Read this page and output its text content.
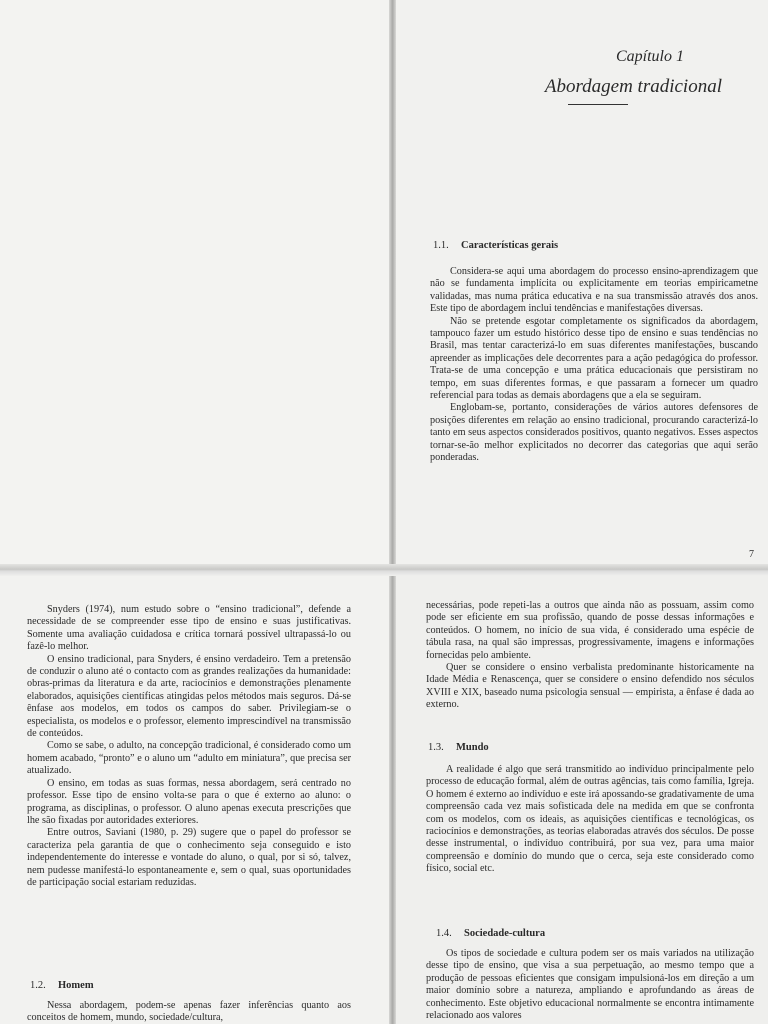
Capítulo 1
Abordagem tradicional
1.1. Características gerais

Considera-se aqui uma abordagem do processo ensino-aprendizagem que não se fundamenta implícita ou explicitamente em teorias empiricametne validadas, mas numa prática educativa e na sua transmissão através dos anos. Este tipo de abordagem inclui tendências e manifestações diversas.

Não se pretende esgotar completamente os significados da abordagem, tampouco fazer um estudo histórico desse tipo de ensino e suas tendências no Brasil, mas tentar caracterizá-lo em suas diferentes manifestações, buscando apreender as implicações dele decorrentes para a ação pedagógica do professor. Trata-se de uma concepção e uma prática educacionais que persistiram no tempo, em suas diferentes formas, e que passaram a fornecer um quadro referencial para todas as demais abordagens que a ela se seguiram.

Englobam-se, portanto, considerações de vários autores defensores de posições diferentes em relação ao ensino tradicional, procurando caracterizá-lo tanto em seus aspectos considerados positivos, quanto negativos. Esses aspectos tornar-se-ão melhor explicitados no decorrer das categorias que aqui serão ponderadas.

7

Snyders (1974), num estudo sobre o “ensino tradicional”, defende a necessidade de se compreender esse tipo de ensino e suas justificativas. Somente uma avaliação cuidadosa e crítica tornará possível ultrapassá-lo ou fazê-lo melhor.

O ensino tradicional, para Snyders, é ensino verdadeiro. Tem a pretensão de conduzir o aluno até o contacto com as grandes realizações da humanidade: obras-primas da literatura e da arte, raciocínios e demonstrações plenamente elaborados, aquisições científicas atingidas pelos métodos mais seguros. Dá-se ênfase aos modelos, em todos os campos do saber. Privilegiam-se o especialista, os modelos e o professor, elemento imprescindível na transmissão de conteúdos.

Como se sabe, o adulto, na concepção tradicional, é considerado como um homem acabado, “pronto” e o aluno um “adulto em miniatura”, que precisa ser atualizado.

O ensino, em todas as suas formas, nessa abordagem, será centrado no professor. Esse tipo de ensino volta-se para o que é externo ao aluno: o programa, as disciplinas, o professor. O aluno apenas executa prescrições que lhe são fixadas por autoridades exteriores.

Entre outros, Saviani (1980, p. 29) sugere que o papel do professor se caracteriza pela garantia de que o conhecimento seja conseguido e isto independentemente do interesse e vontade do aluno, o qual, por si só, talvez, nem pudesse manifestá-lo espontaneamente e, sem o qual, suas oportunidades de participação social estariam reduzidas.

1.2. Homem

Nessa abordagem, podem-se apenas fazer inferências quanto aos conceitos de homem, mundo, sociedade/cultura,

necessárias, pode repeti-las a outros que ainda não as possuam, assim como pode ser eficiente em sua profissão, quando de posse dessas informações e conteúdos. O homem, no início de sua vida, é considerado uma espécie de tábula rasa, na qual são impressas, progressivamente, imagens e informações fornecidas pelo ambiente.

Quer se considere o ensino verbalista predominante historicamente na Idade Média e Renascença, quer se considere o ensino defendido nos séculos XVIII e XIX, baseado numa psicologia sensual — empirista, a ênfase é dada ao externo.

1.3. Mundo

A realidade é algo que será transmitido ao indivíduo principalmente pelo processo de educação formal, além de outras agências, tais como família, Igreja. O homem é externo ao indivíduo e este irá apossando-se gradativamente de uma compreensão cada vez mais sofisticada dele na medida em que se confronta com os modelos, com os ideais, as aquisições científicas e tecnológicas, os raciocínios e demonstrações, as teorias elaboradas através dos séculos. De posse desse instrumental, o indivíduo contribuirá, por sua vez, para uma maior compreensão e domínio do mundo que o cerca, seja este considerado como físico, social etc.

1.4. Sociedade-cultura

Os tipos de sociedade e cultura podem ser os mais variados na utilização desse tipo de ensino, que visa a sua perpetuação, ao mesmo tempo que a produção de pessoas eficientes que consigam impulsioná-los em direção a um maior domínio sobre a natureza, ampliando e aprofundando as áreas de conhecimento. Este objetivo educacional normalmente se encontra intimamente relacionado aos valores
